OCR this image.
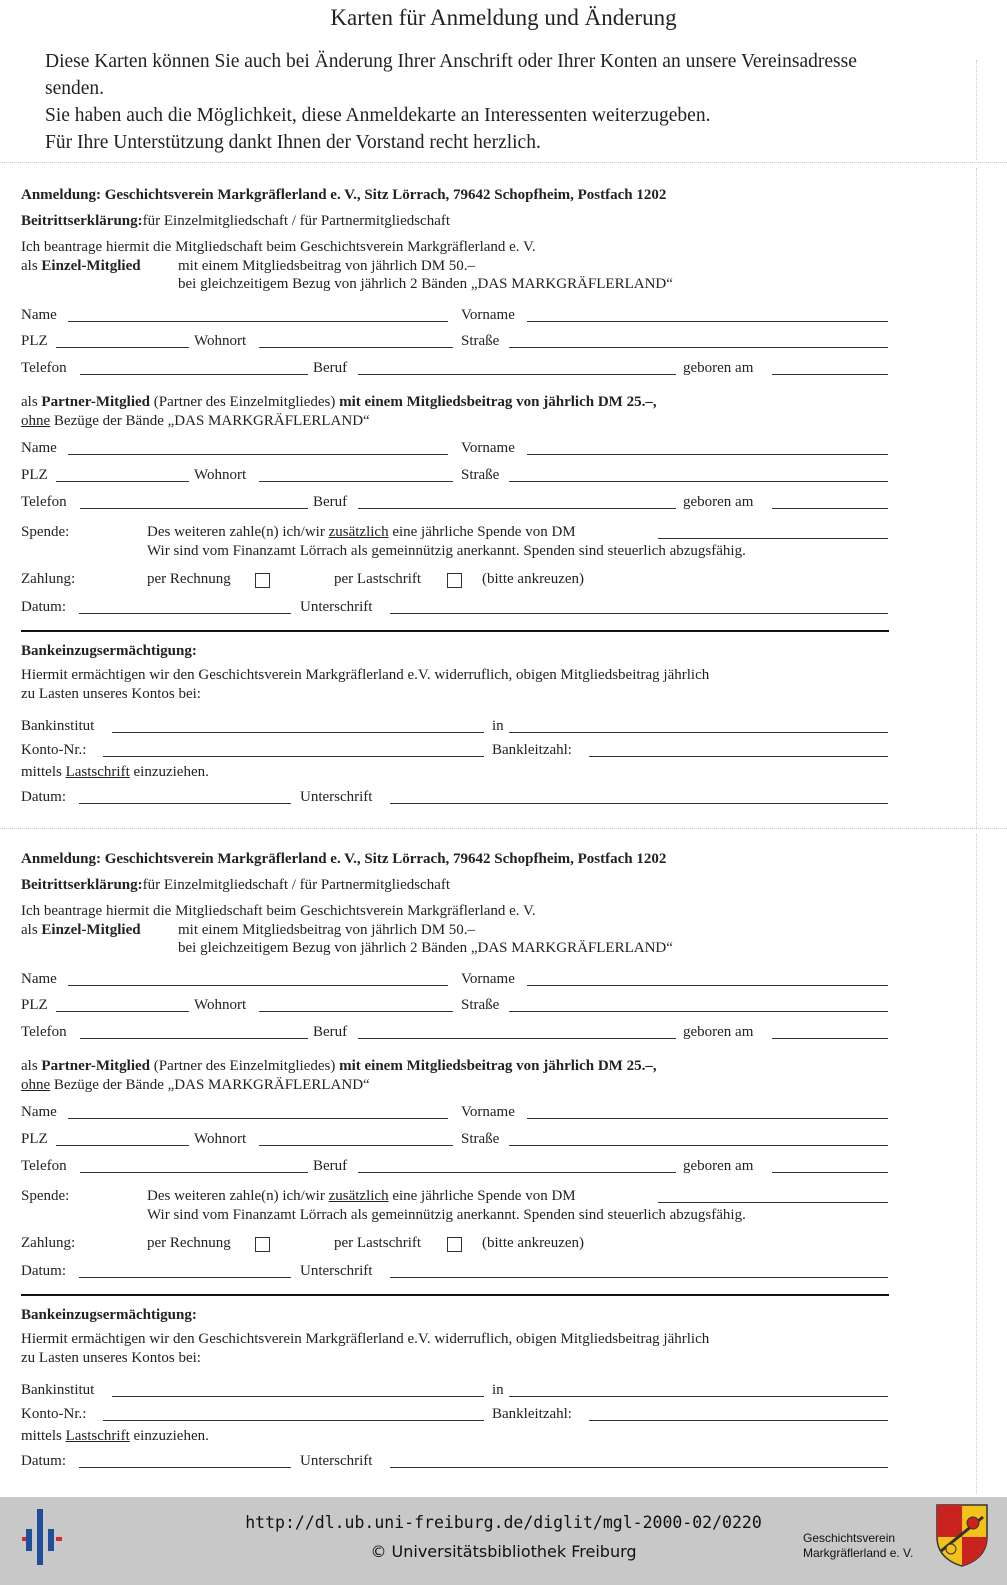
Karten für Anmeldung und Änderung
Diese Karten können Sie auch bei Änderung Ihrer Anschrift oder Ihrer Konten an unsere Vereinsadresse
senden.
Sie haben auch die Möglichkeit, diese Anmeldekarte an Interessenten weiterzugeben.
Für Ihre Unterstützung dankt Ihnen der Vorstand recht herzlich.
Anmeldung: Geschichtsverein Markgräflerland e. V., Sitz Lörrach, 79642 Schopfheim, Postfach 1202
Beitrittserklärung:für Einzelmitgliedschaft / für Partnermitgliedschaft
Ich beantrage hiermit die Mitgliedschaft beim Geschichtsverein Markgräflerland e. V.
als Einzel-Mitglied mit einem Mitgliedsbeitrag von jährlich DM 50.–
bei gleichzeitigem Bezug von jährlich 2 Bänden „DAS MARKGRÄFLERLAND“
Name	Vorname
PLZ	Wohnort	Straße
Telefon	Beruf	geboren am
als Partner-Mitglied (Partner des Einzelmitgliedes) mit einem Mitgliedsbeitrag von jährlich DM 25.–,
ohne Bezüge der Bände „DAS MARKGRÄFLERLAND“
Name	Vorname
PLZ	Wohnort	Straße
Telefon	Beruf	geboren am
Spende:	Des weiteren zahle(n) ich/wir zusätzlich eine jährliche Spende von DM
Wir sind vom Finanzamt Lörrach als gemeinnützig anerkannt. Spenden sind steuerlich abzugsfähig.
Zahlung:	per Rechnung	per Lastschrift	(bitte ankreuzen)
Datum:	Unterschrift
Bankeinzugsermächtigung:
Hiermit ermächtigen wir den Geschichtsverein Markgräflerland e.V. widerruflich, obigen Mitgliedsbeitrag jährlich
zu Lasten unseres Kontos bei:
Bankinstitut	in
Konto-Nr.:	Bankleitzahl:
mittels Lastschrift einzuziehen.
Datum:	Unterschrift
Anmeldung: Geschichtsverein Markgräflerland e. V., Sitz Lörrach, 79642 Schopfheim, Postfach 1202
Beitrittserklärung:für Einzelmitgliedschaft / für Partnermitgliedschaft
Ich beantrage hiermit die Mitgliedschaft beim Geschichtsverein Markgräflerland e. V.
als Einzel-Mitglied mit einem Mitgliedsbeitrag von jährlich DM 50.–
bei gleichzeitigem Bezug von jährlich 2 Bänden „DAS MARKGRÄFLERLAND“
Name	Vorname
PLZ	Wohnort	Straße
Telefon	Beruf	geboren am
als Partner-Mitglied (Partner des Einzelmitgliedes) mit einem Mitgliedsbeitrag von jährlich DM 25.–,
ohne Bezüge der Bände „DAS MARKGRÄFLERLAND“
Name	Vorname
PLZ	Wohnort	Straße
Telefon	Beruf	geboren am
Spende:	Des weiteren zahle(n) ich/wir zusätzlich eine jährliche Spende von DM
Wir sind vom Finanzamt Lörrach als gemeinnützig anerkannt. Spenden sind steuerlich abzugsfähig.
Zahlung:	per Rechnung	per Lastschrift	(bitte ankreuzen)
Datum:	Unterschrift
Bankeinzugsermächtigung:
Hiermit ermächtigen wir den Geschichtsverein Markgräflerland e.V. widerruflich, obigen Mitgliedsbeitrag jährlich
zu Lasten unseres Kontos bei:
Bankinstitut	in
Konto-Nr.:	Bankleitzahl:
mittels Lastschrift einzuziehen.
Datum:	Unterschrift
http://dl.ub.uni-freiburg.de/diglit/mgl-2000-02/0220
© Universitätsbibliothek Freiburg
Geschichtsverein
Markgräflerland e. V.
